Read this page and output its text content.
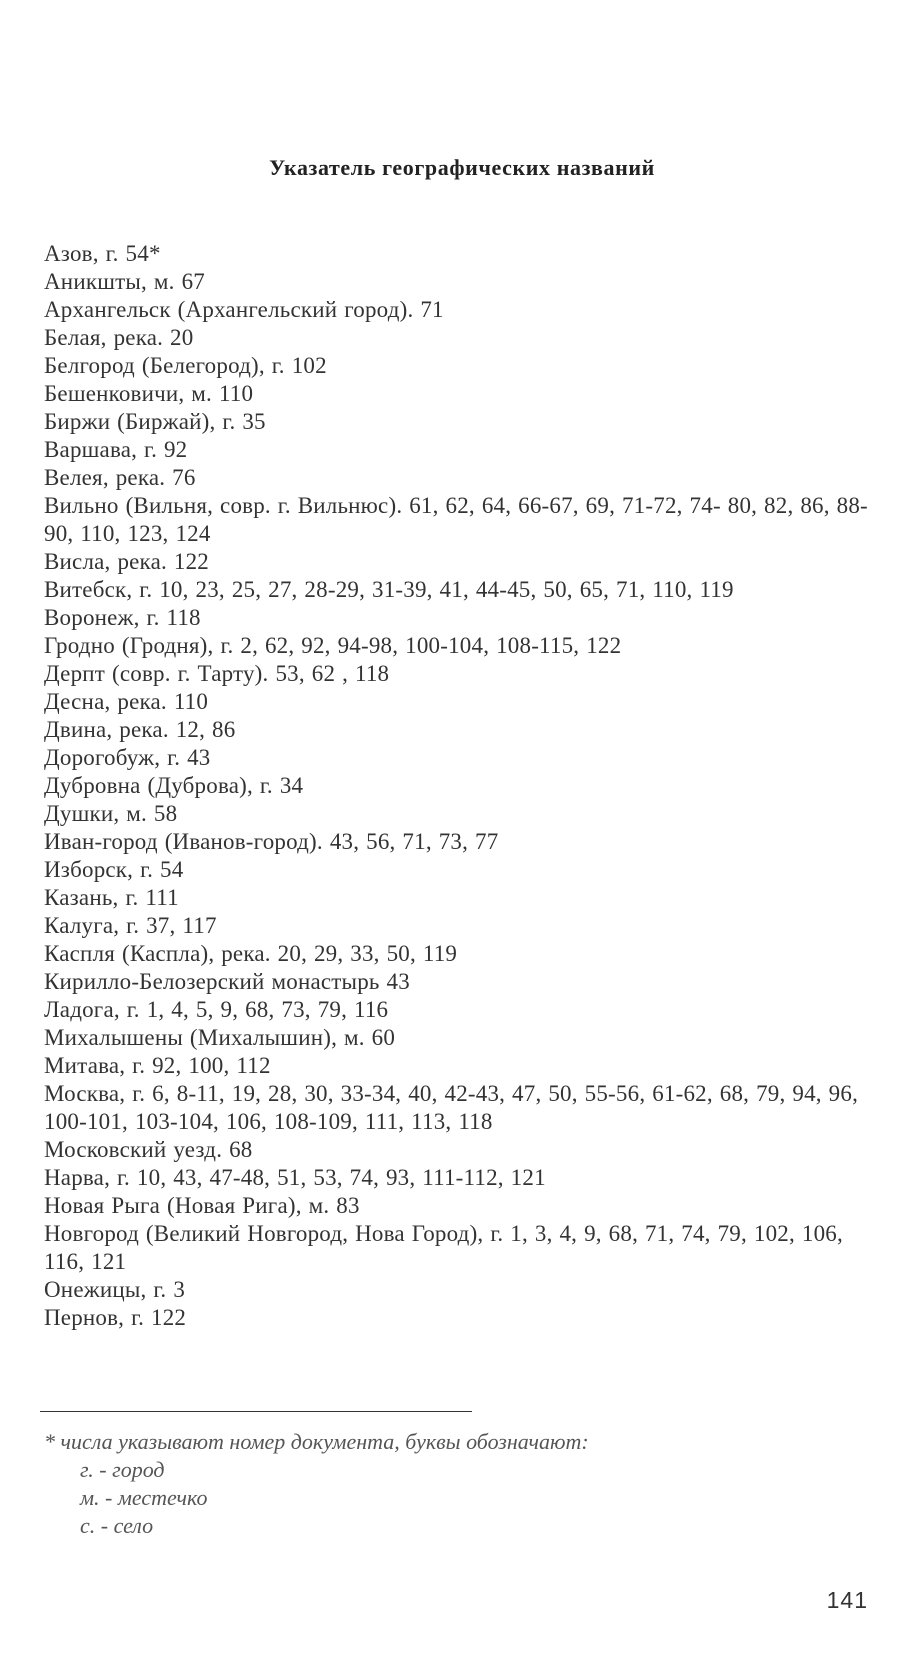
Указатель географических названий
Азов, г. 54*
Аникшты, м. 67
Архангельск (Архангельский город). 71
Белая, река. 20
Белгород (Белегород), г. 102
Бешенковичи, м. 110
Биржи (Биржай), г. 35
Варшава, г. 92
Велея, река. 76
Вильно (Вильня, совр. г. Вильнюс). 61, 62, 64, 66-67, 69, 71-72, 74- 80, 82, 86, 88-90, 110, 123, 124
Висла, река. 122
Витебск, г. 10, 23, 25, 27, 28-29, 31-39, 41, 44-45, 50, 65, 71, 110, 119
Воронеж, г. 118
Гродно (Гродня), г. 2, 62, 92, 94-98, 100-104, 108-115, 122
Дерпт (совр. г. Тарту). 53, 62 , 118
Десна, река. 110
Двина, река. 12, 86
Дорогобуж, г. 43
Дубровна (Дуброва), г. 34
Душки, м. 58
Иван-город (Иванов-город). 43, 56, 71, 73, 77
Изборск, г. 54
Казань, г. 111
Калуга, г. 37, 117
Каспля (Каспла), река. 20, 29, 33, 50, 119
Кирилло-Белозерский монастырь 43
Ладога, г. 1, 4, 5, 9, 68, 73, 79, 116
Михалышены (Михалышин), м. 60
Митава, г. 92, 100, 112
Москва, г. 6, 8-11, 19, 28, 30, 33-34, 40, 42-43, 47, 50, 55-56, 61-62, 68, 79, 94, 96, 100-101, 103-104, 106, 108-109, 111, 113, 118
Московский уезд. 68
Нарва, г. 10, 43, 47-48, 51, 53, 74, 93, 111-112, 121
Новая Рыга (Новая Рига), м. 83
Новгород (Великий Новгород, Нова Город), г. 1, 3, 4, 9, 68, 71, 74, 79, 102, 106, 116, 121
Онежицы, г. 3
Пернов, г. 122
* числа указывают номер документа, буквы обозначают:
г. - город
м. - местечко
с. - село
141
